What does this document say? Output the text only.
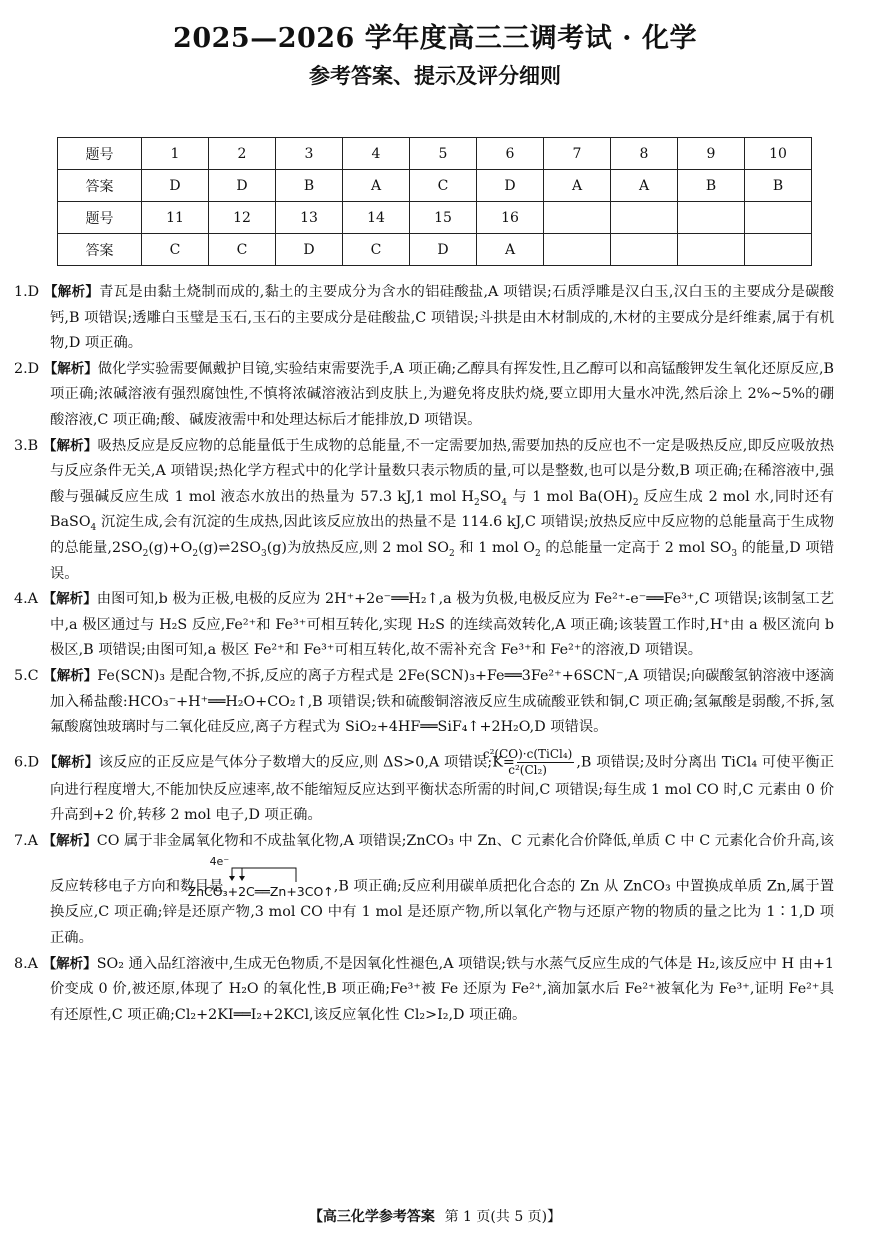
2025—2026 学年度高三三调考试 · 化学
参考答案、提示及评分细则
题号	1	2	3	4	5	6	7	8	9	10
答案	D	D	B	A	C	D	A	A	B	B
题号	11	12	13	14	15	16				
答案	C	C	D	C	D	A				

1.D 【解析】青瓦是由黏土烧制而成的,黏土的主要成分为含水的铝硅酸盐,A 项错误;石质浮雕是汉白玉,汉白玉的主要成分是碳酸钙,B 项错误;透雕白玉璧是玉石,玉石的主要成分是硅酸盐,C 项错误;斗拱是由木材制成的,木材的主要成分是纤维素,属于有机物,D 项正确。

2.D 【解析】做化学实验需要佩戴护目镜,实验结束需要洗手,A 项正确;乙醇具有挥发性,且乙醇可以和高锰酸钾发生氧化还原反应,B 项正确;浓碱溶液有强烈腐蚀性,不慎将浓碱溶液沾到皮肤上,为避免将皮肤灼烧,要立即用大量水冲洗,然后涂上 2%~5%的硼酸溶液,C 项正确;酸、碱废液需中和处理达标后才能排放,D 项错误。

3.B 【解析】吸热反应是反应物的总能量低于生成物的总能量,不一定需要加热,需要加热的反应也不一定是吸热反应,即反应吸放热与反应条件无关,A 项错误;热化学方程式中的化学计量数只表示物质的量,可以是整数,也可以是分数,B 项正确;在稀溶液中,强酸与强碱反应生成 1 mol 液态水放出的热量为 57.3 kJ,1 mol $H_2SO_4$ 与 1 mol $Ba(OH)_2$ 反应生成 2 mol 水,同时还有 BaSO$_4$ 沉淀生成,会有沉淀的生成热,因此该反应放出的热量不是 114.6 kJ,C 项错误;放热反应中反应物的总能量高于生成物的总能量$,2SO_2(g)+O_2(g)\rightleftharpoons 2SO_3(g)$为放热反应,则 2 mol $SO_2$ 和 1 mol $O_2$ 的总能量一定高于 2 mol $SO_3$ 的能量,D 项错误。

4.A 【解析】由图可知,b 极为正极,电极的反应为 2H⁺+2e⁻══H₂↑,a 极为负极,电极反应为 Fe²⁺-e⁻══Fe³⁺,C 项错误;该制氢工艺中,a 极区通过与 H₂S 反应,Fe²⁺和 Fe³⁺可相互转化,实现 H₂S 的连续高效转化,A 项正确;该装置工作时,H⁺由 a 极区流向 b 极区,B 项错误;由图可知,a 极区 Fe²⁺和 Fe³⁺可相互转化,故不需补充含 Fe³⁺和 Fe²⁺的溶液,D 项错误。

5.C 【解析】Fe(SCN)₃ 是配合物,不拆,反应的离子方程式是 2Fe(SCN)₃+Fe══3Fe²⁺+6SCN⁻,A 项错误;向碳酸氢钠溶液中逐滴加入稀盐酸:HCO₃⁻+H⁺══H₂O+CO₂↑,B 项错误;铁和硫酸铜溶液反应生成硫酸亚铁和铜,C 项正确;氢氟酸是弱酸,不拆,氢氟酸腐蚀玻璃时与二氧化硅反应,离子方程式为 SiO₂+4HF══SiF₄↑+2H₂O,D 项错误。

6.D 【解析】该反应的正反应是气体分子数增大的反应,则 ΔS>0,A 项错误;K= $\frac{\text{c²(CO)·c(TiCl₄)}}{\text{c²(Cl₂)}} ,B$ 项错误;及时分离出 TiCl₄ 可使平衡正向进行程度增大,不能加快反应速率,故不能缩短反应达到平衡状态所需的时间,C 项错误;每生成 1 mol CO 时,C 元素由 0 价升高到+2 价,转移 2 mol 电子,D 项正确。

7.A 【解析】CO 属于非金属氧化物和不成盐氧化物,A 项错误;ZnCO₃ 中 Zn、C 元素化合价降低,单质 C 中 C 元素化合价升高,该反应转移电子方向和数目是
4e⁻
ZnCO₃+2C══Zn+3CO↑,B 项正确;反应利用碳单质把化合态的 Zn 从 ZnCO₃ 中置换成单质 Zn,属于置换反应,C 项正确;锌是还原产物,3 mol CO 中有 1 mol 是还原产物,所以氧化产物与还原产物的物质的量之比为 1∶1,D 项正确。

8.A 【解析】SO₂ 通入品红溶液中,生成无色物质,不是因氧化性褪色,A 项错误;铁与水蒸气反应生成的气体是 H₂,该反应中 H 由+1 价变成 0 价,被还原,体现了 H₂O 的氧化性,B 项正确;Fe³⁺被 Fe 还原为 Fe²⁺,滴加氯水后 Fe²⁺被氧化为 Fe³⁺,证明 Fe²⁺具有还原性,C 项正确;Cl₂+2KI══I₂+2KCl,该反应氧化性 Cl₂>I₂,D 项正确。

【高三化学参考答案 第 1 页(共 5 页)】
